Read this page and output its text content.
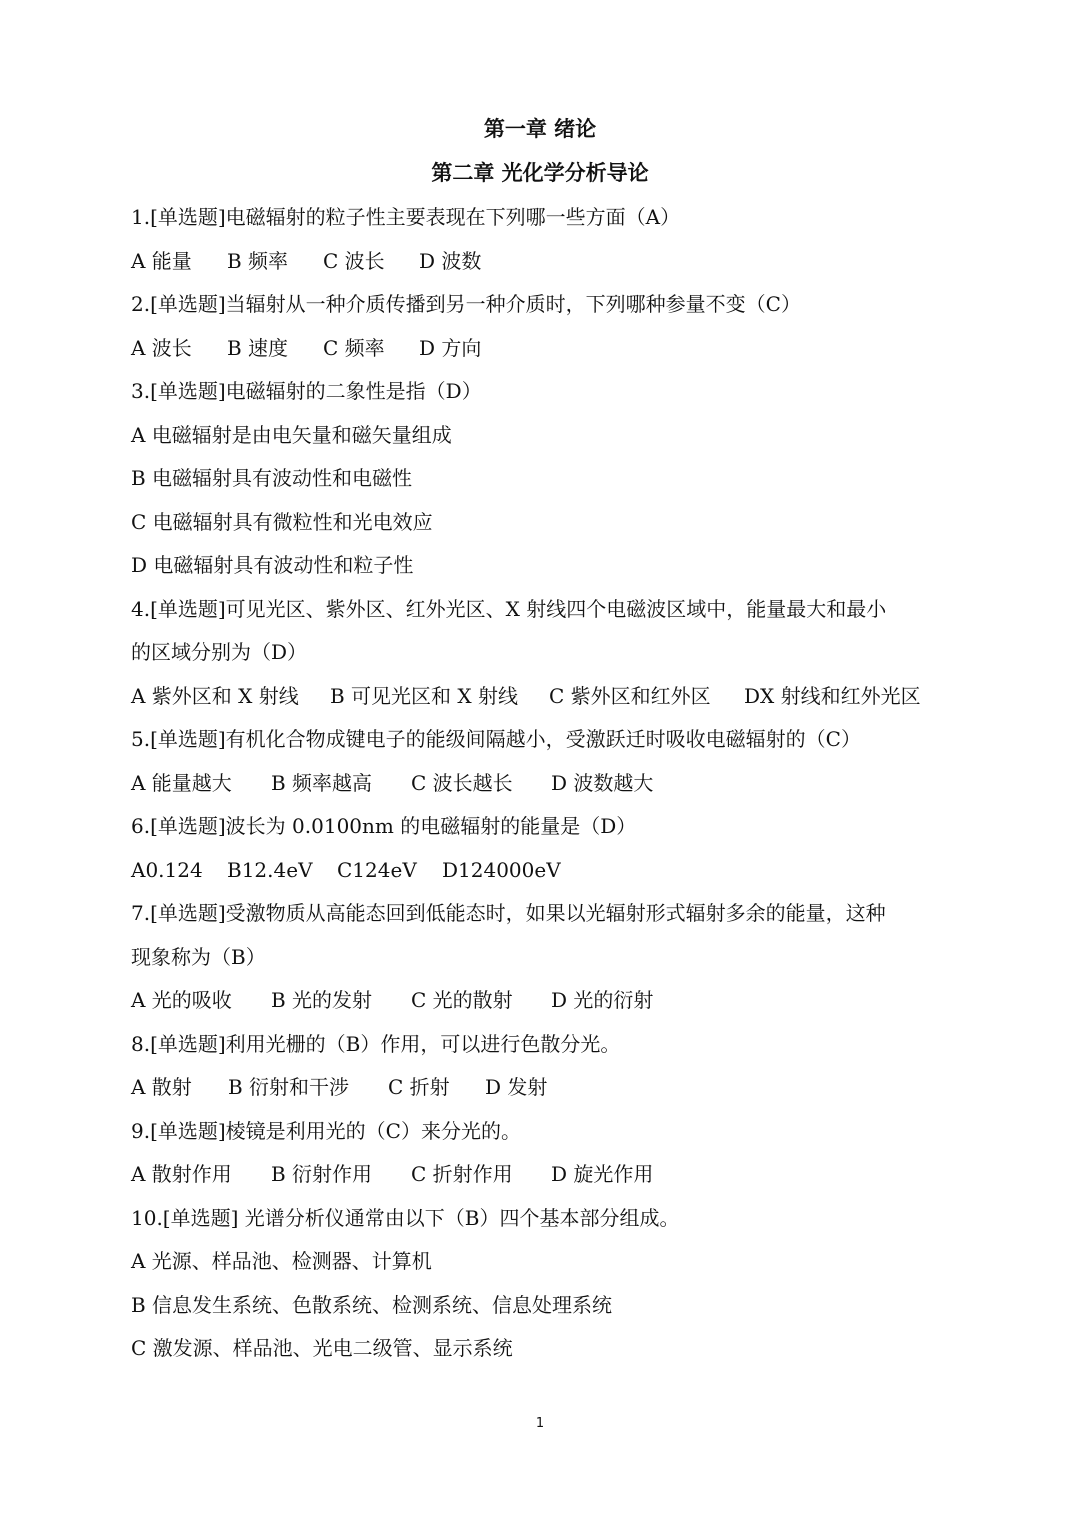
第一章 绪论
第二章 光化学分析导论
1.[单选题]电磁辐射的粒子性主要表现在下列哪一些方面（A）
A 能量 B 频率 C 波长 D 波数
2.[单选题]当辐射从一种介质传播到另一种介质时，下列哪种参量不变（C）
A 波长 B 速度 C 频率 D 方向
3.[单选题]电磁辐射的二象性是指（D）
A 电磁辐射是由电矢量和磁矢量组成
B 电磁辐射具有波动性和电磁性
C 电磁辐射具有微粒性和光电效应
D 电磁辐射具有波动性和粒子性
4.[单选题]可见光区、紫外区、红外光区、X 射线四个电磁波区域中，能量最大和最小
的区域分别为（D）
A 紫外区和 X 射线 B 可见光区和 X 射线 C 紫外区和红外区 DX 射线和红外光区
5.[单选题]有机化合物成键电子的能级间隔越小，受激跃迁时吸收电磁辐射的（C）
A 能量越大 B 频率越高 C 波长越长 D 波数越大
6.[单选题]波长为 0.0100nm 的电磁辐射的能量是（D）
A0.124 B12.4eV C124eV D124000eV
7.[单选题]受激物质从高能态回到低能态时，如果以光辐射形式辐射多余的能量，这种
现象称为（B）
A 光的吸收 B 光的发射 C 光的散射 D 光的衍射
8.[单选题]利用光栅的（B）作用，可以进行色散分光。
A 散射 B 衍射和干涉 C 折射 D 发射
9.[单选题]棱镜是利用光的（C）来分光的。
A 散射作用 B 衍射作用 C 折射作用 D 旋光作用
10.[单选题] 光谱分析仪通常由以下（B）四个基本部分组成。
A 光源、样品池、检测器、计算机
B 信息发生系统、色散系统、检测系统、信息处理系统
C 激发源、样品池、光电二级管、显示系统
1
